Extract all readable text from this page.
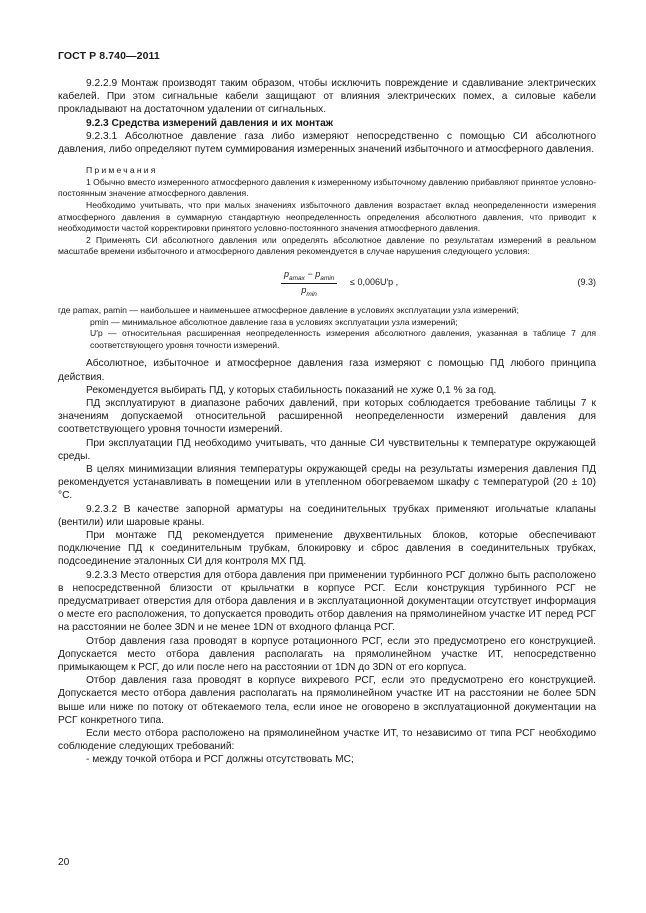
ГОСТ Р 8.740—2011

9.2.2.9 Монтаж производят таким образом, чтобы исключить повреждение и сдавливание электрических кабелей. При этом сигнальные кабели защищают от влияния электрических помех, а силовые кабели прокладывают на достаточном удалении от сигнальных.

9.2.3 Средства измерений давления и их монтаж

9.2.3.1 Абсолютное давление газа либо измеряют непосредственно с помощью СИ абсолютного давления, либо определяют путем суммирования измеренных значений избыточного и атмосферного давления.

Примечания

1 Обычно вместо измеренного атмосферного давления к измеренному избыточному давлению прибавляют принятое условно-постоянным значение атмосферного давления.

Необходимо учитывать, что при малых значениях избыточного давления возрастает вклад неопределенности измерения атмосферного давления в суммарную стандартную неопределенность определения абсолютного давления, что приводит к необходимости частой корректировки принятого условно-постоянного значения атмосферного давления.

2 Применять СИ абсолютного давления или определять абсолютное давление по результатам измерений в реальном масштабе времени избыточного и атмосферного давления рекомендуется в случае нарушения следующего условия:

$p_{amax} - p_{amin}$
$p_{min}$
≤ 0,006U′p ,	(9.3)

где pamax, pamin — наибольшее и наименьшее атмосферное давление в условиях эксплуатации узла измерений;

pmin — минимальное абсолютное давление газа в условиях эксплуатации узла измерений;

U′p — относительная расширенная неопределенность измерения абсолютного давления, указанная в таблице 7 для соответствующего уровня точности измерений.

Абсолютное, избыточное и атмосферное давления газа измеряют с помощью ПД любого принципа действия.

Рекомендуется выбирать ПД, у которых стабильность показаний не хуже 0,1 % за год.

ПД эксплуатируют в диапазоне рабочих давлений, при которых соблюдается требование таблицы 7 к значениям допускаемой относительной расширенной неопределенности измерений давления для соответствующего уровня точности измерений.

При эксплуатации ПД необходимо учитывать, что данные СИ чувствительны к температуре окружающей среды.

В целях минимизации влияния температуры окружающей среды на результаты измерения давления ПД рекомендуется устанавливать в помещении или в утепленном обогреваемом шкафу с температурой (20 ± 10) °С.

9.2.3.2 В качестве запорной арматуры на соединительных трубках применяют игольчатые клапаны (вентили) или шаровые краны.

При монтаже ПД рекомендуется применение двухвентильных блоков, которые обеспечивают подключение ПД к соединительным трубкам, блокировку и сброс давления в соединительных трубках, подсоединение эталонных СИ для контроля МХ ПД.

9.2.3.3 Место отверстия для отбора давления при применении турбинного РСГ должно быть расположено в непосредственной близости от крыльчатки в корпусе РСГ. Если конструкция турбинного РСГ не предусматривает отверстия для отбора давления и в эксплуатационной документации отсутствует информация о месте его расположения, то допускается проводить отбор давления на прямолинейном участке ИТ перед РСГ на расстоянии не более 3DN и не менее 1DN от входного фланца РСГ.

Отбор давления газа проводят в корпусе ротационного РСГ, если это предусмотрено его конструкцией. Допускается место отбора давления располагать на прямолинейном участке ИТ, непосредственно примыкающем к РСГ, до или после него на расстоянии от 1DN до 3DN от его корпуса.

Отбор давления газа проводят в корпусе вихревого РСГ, если это предусмотрено его конструкцией. Допускается место отбора давления располагать на прямолинейном участке ИТ на расстоянии не более 5DN выше или ниже по потоку от обтекаемого тела, если иное не оговорено в эксплуатационной документации на РСГ конкретного типа.

Если место отбора расположено на прямолинейном участке ИТ, то независимо от типа РСГ необходимо соблюдение следующих требований:

- между точкой отбора и РСГ должны отсутствовать МС;

20
